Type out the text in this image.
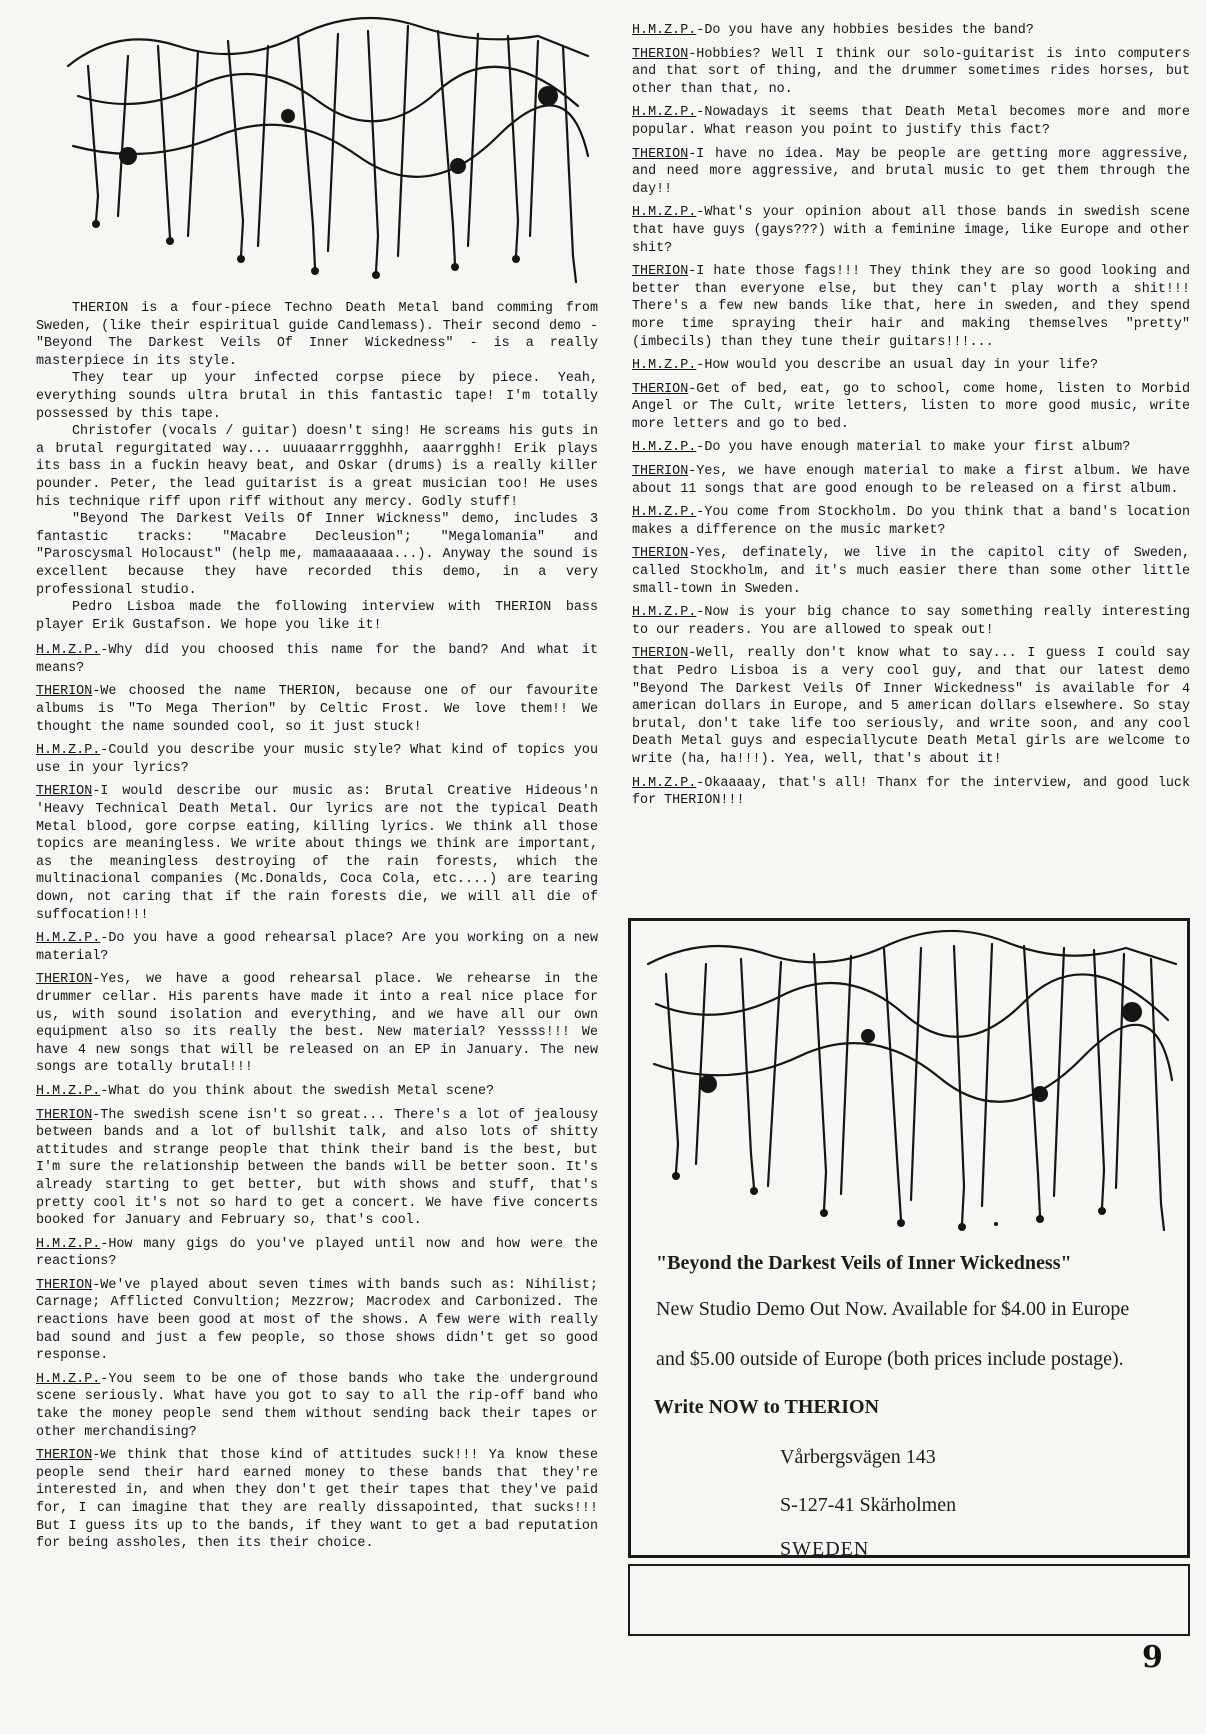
THERION is a four-piece Techno Death Metal band comming from Sweden, (like their espiritual guide Candlemass). Their second demo - "Beyond The Darkest Veils Of Inner Wickedness" - is a really masterpiece in its style.

They tear up your infected corpse piece by piece. Yeah, everything sounds ultra brutal in this fantastic tape! I'm totally possessed by this tape.

Christofer (vocals / guitar) doesn't sing! He screams his guts in a brutal regurgitated way... uuuaaarrrggghhh, aaarrgghh! Erik plays its bass in a fuckin heavy beat, and Oskar (drums) is a really killer pounder. Peter, the lead guitarist is a great musician too! He uses his technique riff upon riff without any mercy. Godly stuff!

"Beyond The Darkest Veils Of Inner Wickness" demo, includes 3 fantastic tracks: "Macabre Decleusion"; "Megalomania" and "Paroscysmal Holocaust" (help me, mamaaaaaaa...). Anyway the sound is excellent because they have recorded this demo, in a very professional studio.

Pedro Lisboa made the following interview with THERION bass player Erik Gustafson. We hope you like it!

H.M.Z.P.-Why did you choosed this name for the band? And what it means?

THERION-We choosed the name THERION, because one of our favourite albums is "To Mega Therion" by Celtic Frost. We love them!! We thought the name sounded cool, so it just stuck!

H.M.Z.P.-Could you describe your music style? What kind of topics you use in your lyrics?

THERION-I would describe our music as: Brutal Creative Hideous'n 'Heavy Technical Death Metal. Our lyrics are not the typical Death Metal blood, gore corpse eating, killing lyrics. We think all those topics are meaningless. We write about things we think are important, as the meaningless destroying of the rain forests, which the multinacional companies (Mc.Donalds, Coca Cola, etc....) are tearing down, not caring that if the rain forests die, we will all die of suffocation!!!

H.M.Z.P.-Do you have a good rehearsal place? Are you working on a new material?

THERION-Yes, we have a good rehearsal place. We rehearse in the drummer cellar. His parents have made it into a real nice place for us, with sound isolation and everything, and we have all our own equipment also so its really the best. New material? Yessss!!! We have 4 new songs that will be released on an EP in January. The new songs are totally brutal!!!

H.M.Z.P.-What do you think about the swedish Metal scene?

THERION-The swedish scene isn't so great... There's a lot of jealousy between bands and a lot of bullshit talk, and also lots of shitty attitudes and strange people that think their band is the best, but I'm sure the relationship between the bands will be better soon. It's already starting to get better, but with shows and stuff, that's pretty cool it's not so hard to get a concert. We have five concerts booked for January and February so, that's cool.

H.M.Z.P.-How many gigs do you've played until now and how were the reactions?

THERION-We've played about seven times with bands such as: Nihilist; Carnage; Afflicted Convultion; Mezzrow; Macrodex and Carbonized. The reactions have been good at most of the shows. A few were with really bad sound and just a few people, so those shows didn't get so good response.

H.M.Z.P.-You seem to be one of those bands who take the underground scene seriously. What have you got to say to all the rip-off band who take the money people send them without sending back their tapes or other merchandising?

THERION-We think that those kind of attitudes suck!!! Ya know these people send their hard earned money to these bands that they're interested in, and when they don't get their tapes that they've paid for, I can imagine that they are really dissapointed, that sucks!!! But I guess its up to the bands, if they want to get a bad reputation for being assholes, then its their choice.

H.M.Z.P.-Do you have any hobbies besides the band?

THERION-Hobbies? Well I think our solo-guitarist is into computers and that sort of thing, and the drummer sometimes rides horses, but other than that, no.

H.M.Z.P.-Nowadays it seems that Death Metal becomes more and more popular. What reason you point to justify this fact?

THERION-I have no idea. May be people are getting more aggressive, and need more aggressive, and brutal music to get them through the day!!

H.M.Z.P.-What's your opinion about all those bands in swedish scene that have guys (gays???) with a feminine image, like Europe and other shit?

THERION-I hate those fags!!! They think they are so good looking and better than everyone else, but they can't play worth a shit!!! There's a few new bands like that, here in sweden, and they spend more time spraying their hair and making themselves "pretty" (imbecils) than they tune their guitars!!!...

H.M.Z.P.-How would you describe an usual day in your life?

THERION-Get of bed, eat, go to school, come home, listen to Morbid Angel or The Cult, write letters, listen to more good music, write more letters and go to bed.

H.M.Z.P.-Do you have enough material to make your first album?

THERION-Yes, we have enough material to make a first album. We have about 11 songs that are good enough to be released on a first album.

H.M.Z.P.-You come from Stockholm. Do you think that a band's location makes a difference on the music market?

THERION-Yes, definately, we live in the capitol city of Sweden, called Stockholm, and it's much easier there than some other little small-town in Sweden.

H.M.Z.P.-Now is your big chance to say something really interesting to our readers. You are allowed to speak out!

THERION-Well, really don't know what to say... I guess I could say that Pedro Lisboa is a very cool guy, and that our latest demo "Beyond The Darkest Veils Of Inner Wickedness" is available for 4 american dollars in Europe, and 5 american dollars elsewhere. So stay brutal, don't take life too seriously, and write soon, and any cool Death Metal guys and especiallycute Death Metal girls are welcome to write (ha, ha!!!). Yea, well, that's about it!

H.M.Z.P.-Okaaaay, that's all! Thanx for the interview, and good luck for THERION!!!

"Beyond the Darkest Veils of Inner Wickedness"
New Studio Demo Out Now. Available for $4.00 in Europe
and $5.00 outside of Europe (both prices include postage).
Write NOW to THERION
Vårbergsvägen 143
S-127-41 Skärholmen
SWEDEN
9
